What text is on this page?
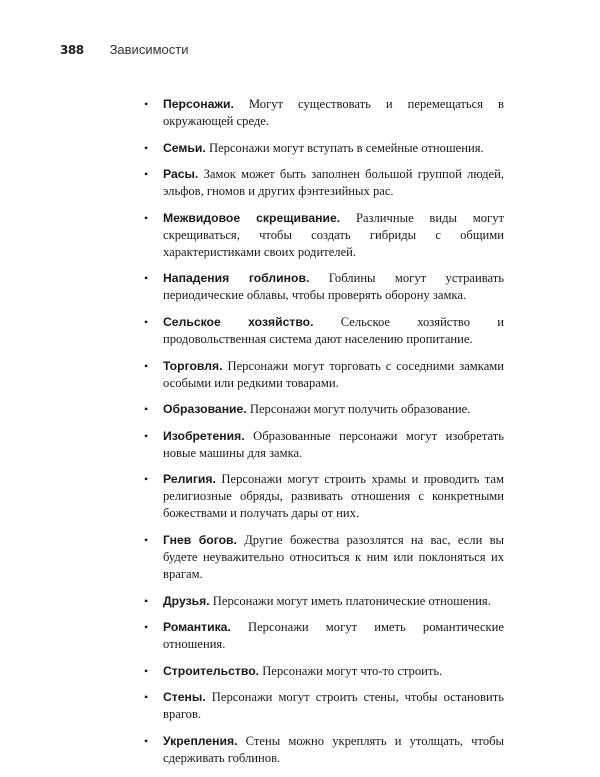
388 Зависимости
• Персонажи. Могут существовать и перемещаться в окружающей среде.
• Семьи. Персонажи могут вступать в семейные отношения.
• Расы. Замок может быть заполнен большой группой людей, эльфов, гномов и других фэнтезийных рас.
• Межвидовое скрещивание. Различные виды могут скрещиваться, чтобы создать гибриды с общими характеристиками своих родителей.
• Нападения гоблинов. Гоблины могут устраивать периодические облавы, чтобы проверять оборону замка.
• Сельское хозяйство. Сельское хозяйство и продовольственная система дают населению пропитание.
• Торговля. Персонажи могут торговать с соседними замками особыми или редкими товарами.
• Образование. Персонажи могут получить образование.
• Изобретения. Образованные персонажи могут изобретать новые машины для замка.
• Религия. Персонажи могут строить храмы и проводить там религиозные обряды, развивать отношения с конкретными божествами и получать дары от них.
• Гнев богов. Другие божества разозлятся на вас, если вы будете неуважительно относиться к ним или поклоняться их врагам.
• Друзья. Персонажи могут иметь платонические отношения.
• Романтика. Персонажи могут иметь романтические отношения.
• Строительство. Персонажи могут что-то строить.
• Стены. Персонажи могут строить стены, чтобы остановить врагов.
• Укрепления. Стены можно укреплять и утолщать, чтобы сдерживать гоблинов.
